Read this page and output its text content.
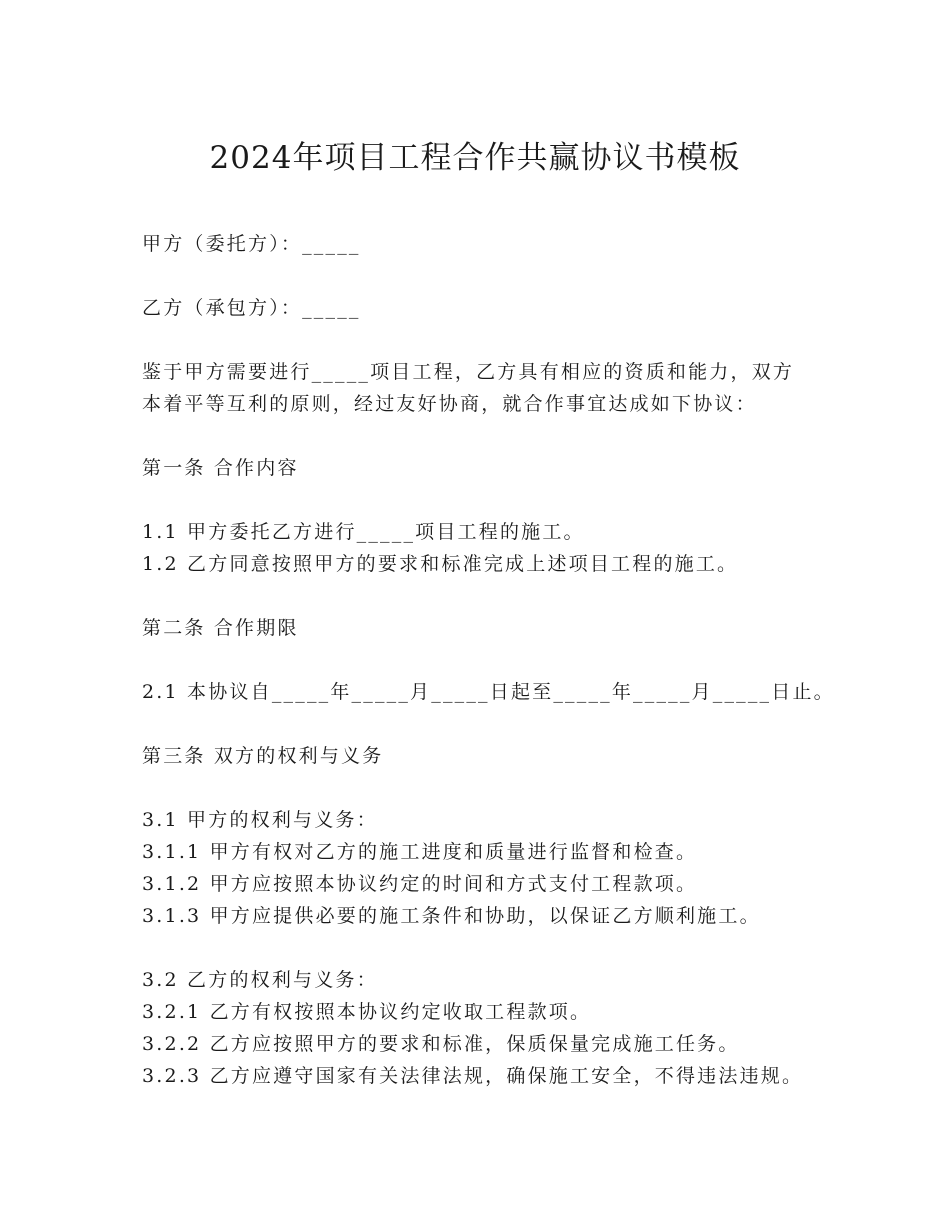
2024年项目工程合作共赢协议书模板

甲方（委托方）：_____

乙方（承包方）：_____

鉴于甲方需要进行_____项目工程，乙方具有相应的资质和能力，双方

本着平等互利的原则，经过友好协商，就合作事宜达成如下协议：

第一条 合作内容

1.1 甲方委托乙方进行_____项目工程的施工。

1.2 乙方同意按照甲方的要求和标准完成上述项目工程的施工。

第二条 合作期限

2.1 本协议自_____年_____月_____日起至_____年_____月_____日止。

第三条 双方的权利与义务

3.1 甲方的权利与义务：

3.1.1 甲方有权对乙方的施工进度和质量进行监督和检查。

3.1.2 甲方应按照本协议约定的时间和方式支付工程款项。

3.1.3 甲方应提供必要的施工条件和协助，以保证乙方顺利施工。

3.2 乙方的权利与义务：

3.2.1 乙方有权按照本协议约定收取工程款项。

3.2.2 乙方应按照甲方的要求和标准，保质保量完成施工任务。

3.2.3 乙方应遵守国家有关法律法规，确保施工安全，不得违法违规。
